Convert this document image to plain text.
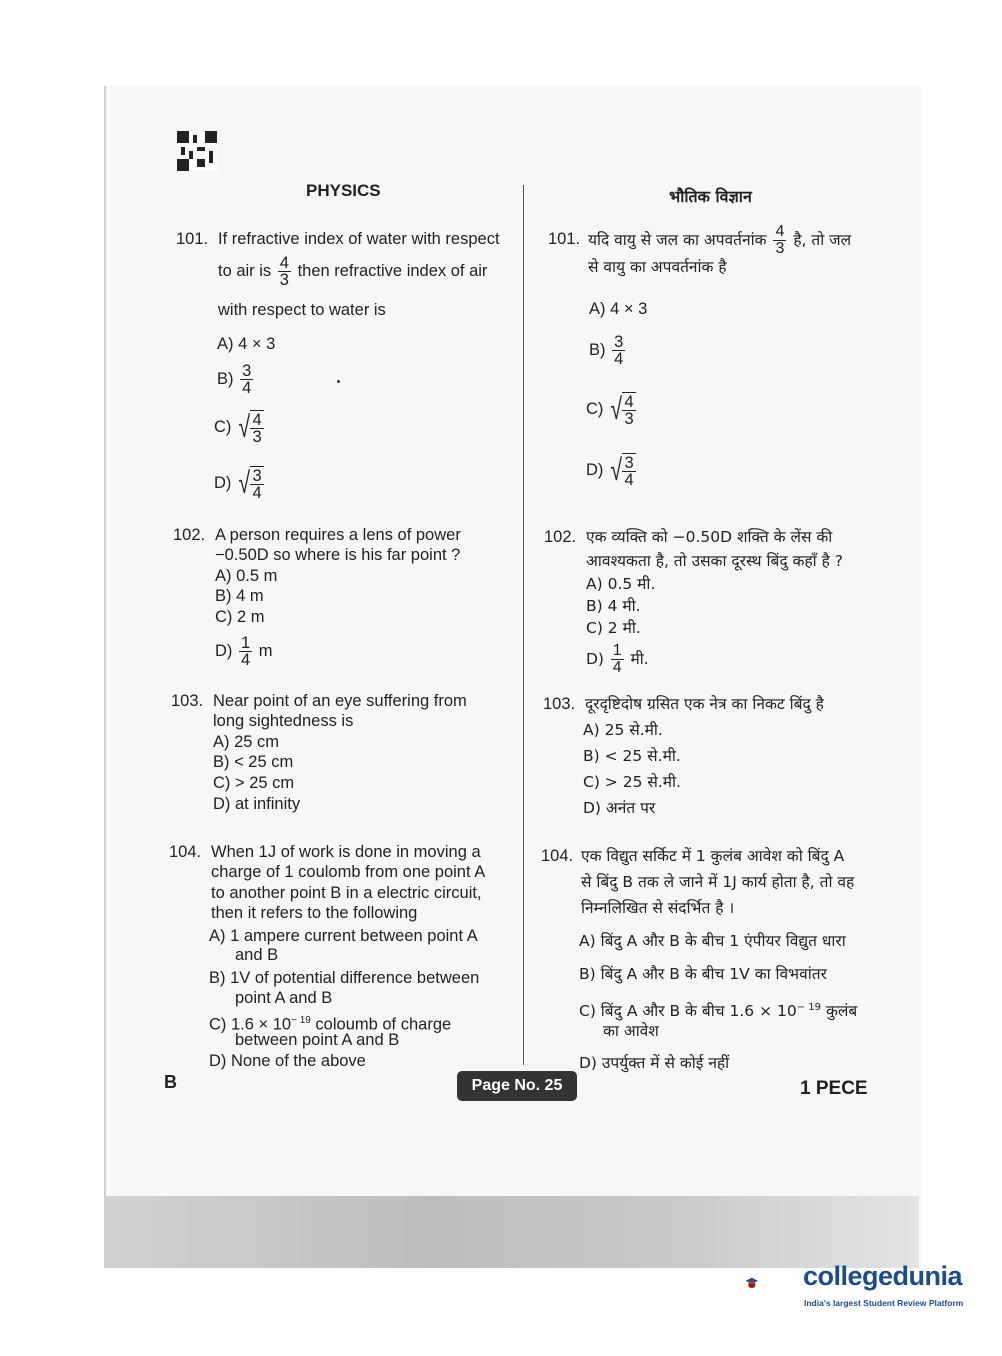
PHYSICS	भौतिक विज्ञान
101. If refractive index of water with respect
to air is $\frac{4}{3}$ then refractive index of air
with respect to water is
A) 4 × 3
$B) \frac{3}{4}$
C) √ $\frac{4}{3}$
D) √ $\frac{3}{4}$
102. A person requires a lens of power
−0.50D so where is his far point ?
A) 0.5 m
B) 4 m
C) 2 m
$D) \frac{1}{4}$ m
103. Near point of an eye suffering from
long sightedness is
A) 25 cm
B) < 25 cm
C) > 25 cm
D) at infinity
104. When 1J of work is done in moving a
charge of 1 coulomb from one point A
to another point B in a electric circuit,
then it refers to the following
A) 1 ampere current between point A
and B
B) 1V of potential difference between
point A and B
C) $1.6 \times 10^{- 19}$ coloumb of charge
between point A and B
D) None of the above
101. यदि वायु से जल का अपवर्तनांक $\frac{4}{3}$ है, तो जल
से वायु का अपवर्तनांक है
A) 4 × 3
$B) \frac{3}{4}$
C) √ $\frac{4}{3}$
D) √ $\frac{3}{4}$
102. एक व्यक्ति को −0.50D शक्ति के लेंस की
आवश्यकता है, तो उसका दूरस्थ बिंदु कहाँ है ?
A) 0.5 मी.
B) 4 मी.
C) 2 मी.
$D) \frac{1}{4}$ मी.
103. दूरदृष्टिदोष ग्रसित एक नेत्र का निकट बिंदु है
A) 25 से.मी.
B) < 25 से.मी.
C) > 25 से.मी.
D) अनंत पर
104. एक विद्युत सर्किट में 1 कुलंब आवेश को बिंदु A
से बिंदु B तक ले जाने में 1J कार्य होता है, तो वह
निम्नलिखित से संदर्भित है ।
A) बिंदु A और B के बीच 1 एंपीयर विद्युत धारा
B) बिंदु A और B के बीच 1V का विभवांतर
C) बिंदु A और B के बीच $1.6 \times 10^{- 19}$ कुलंब
का आवेश
D) उपर्युक्त में से कोई नहीं
B	Page No. 25	1 PECE
collegedunia
India's largest Student Review Platform
